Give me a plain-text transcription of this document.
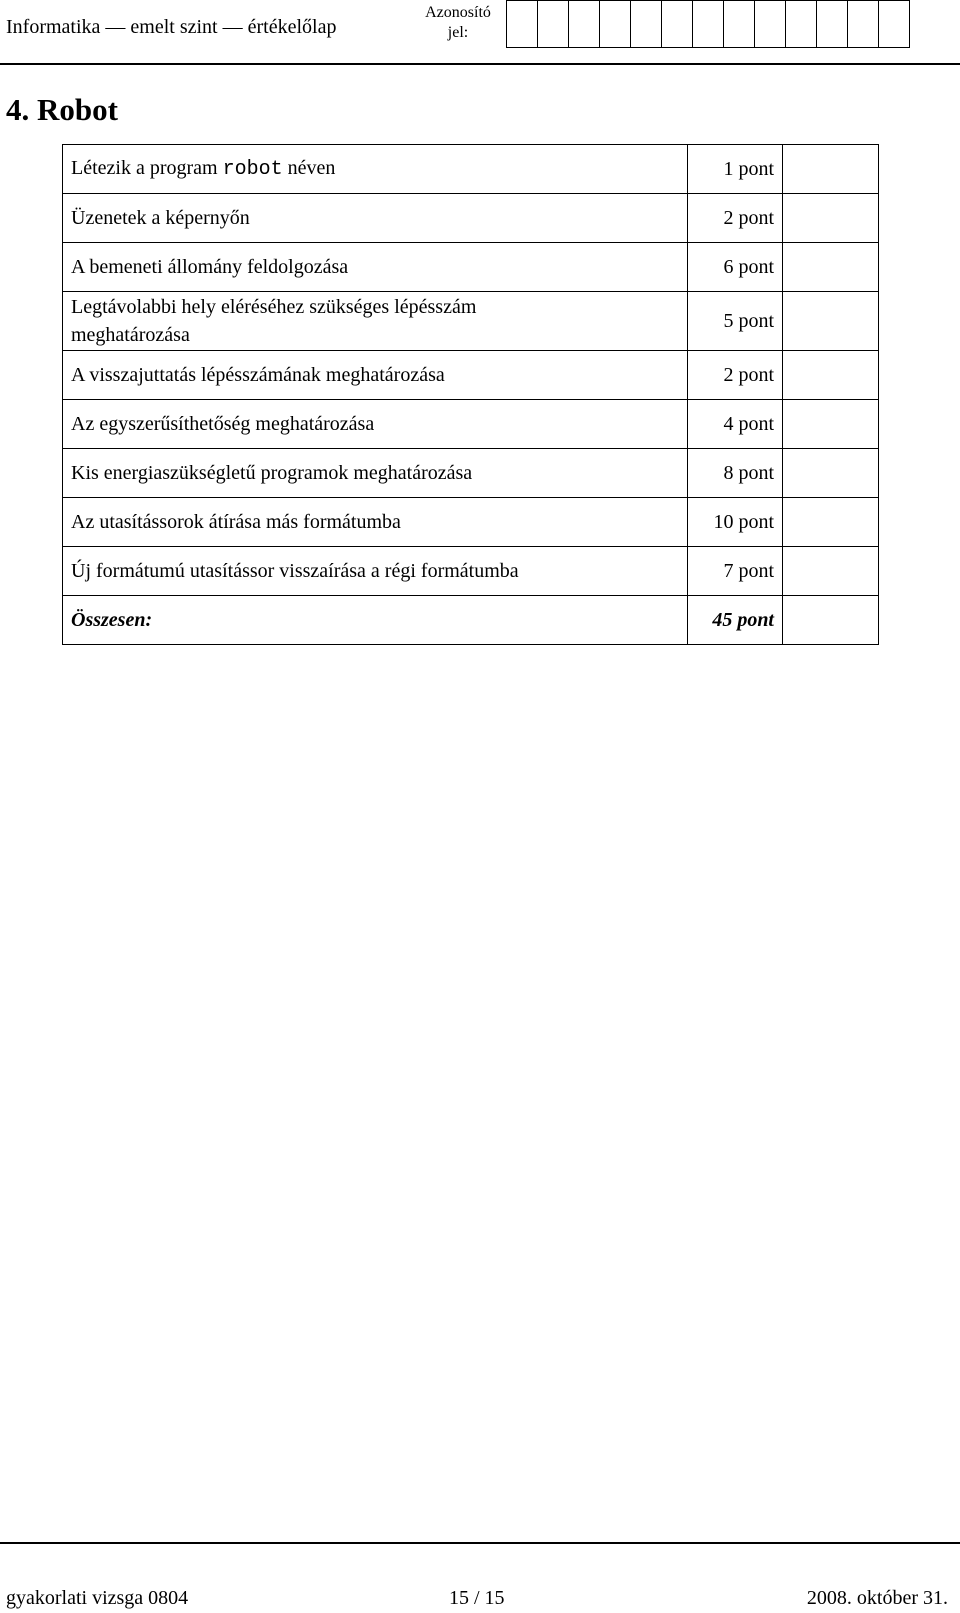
Informatika — emelt szint — értékelőlap
Azonosító
jel:
4. Robot
Létezik a program robot néven	1 pont	
Üzenetek a képernyőn	2 pont	
A bemeneti állomány feldolgozása	6 pont	

Legtávolabbi hely eléréséhez szükséges lépésszám
meghatározása	5 pont	
A visszajuttatás lépésszámának meghatározása	2 pont	
Az egyszerűsíthetőség meghatározása	4 pont	
Kis energiaszükségletű programok meghatározása	8 pont	
Az utasítássorok átírása más formátumba	10 pont	
Új formátumú utasítássor visszaírása a régi formátumba	7 pont	
Összesen:	45 pont	
gyakorlati vizsga 0804	15 / 15	2008. október 31.
